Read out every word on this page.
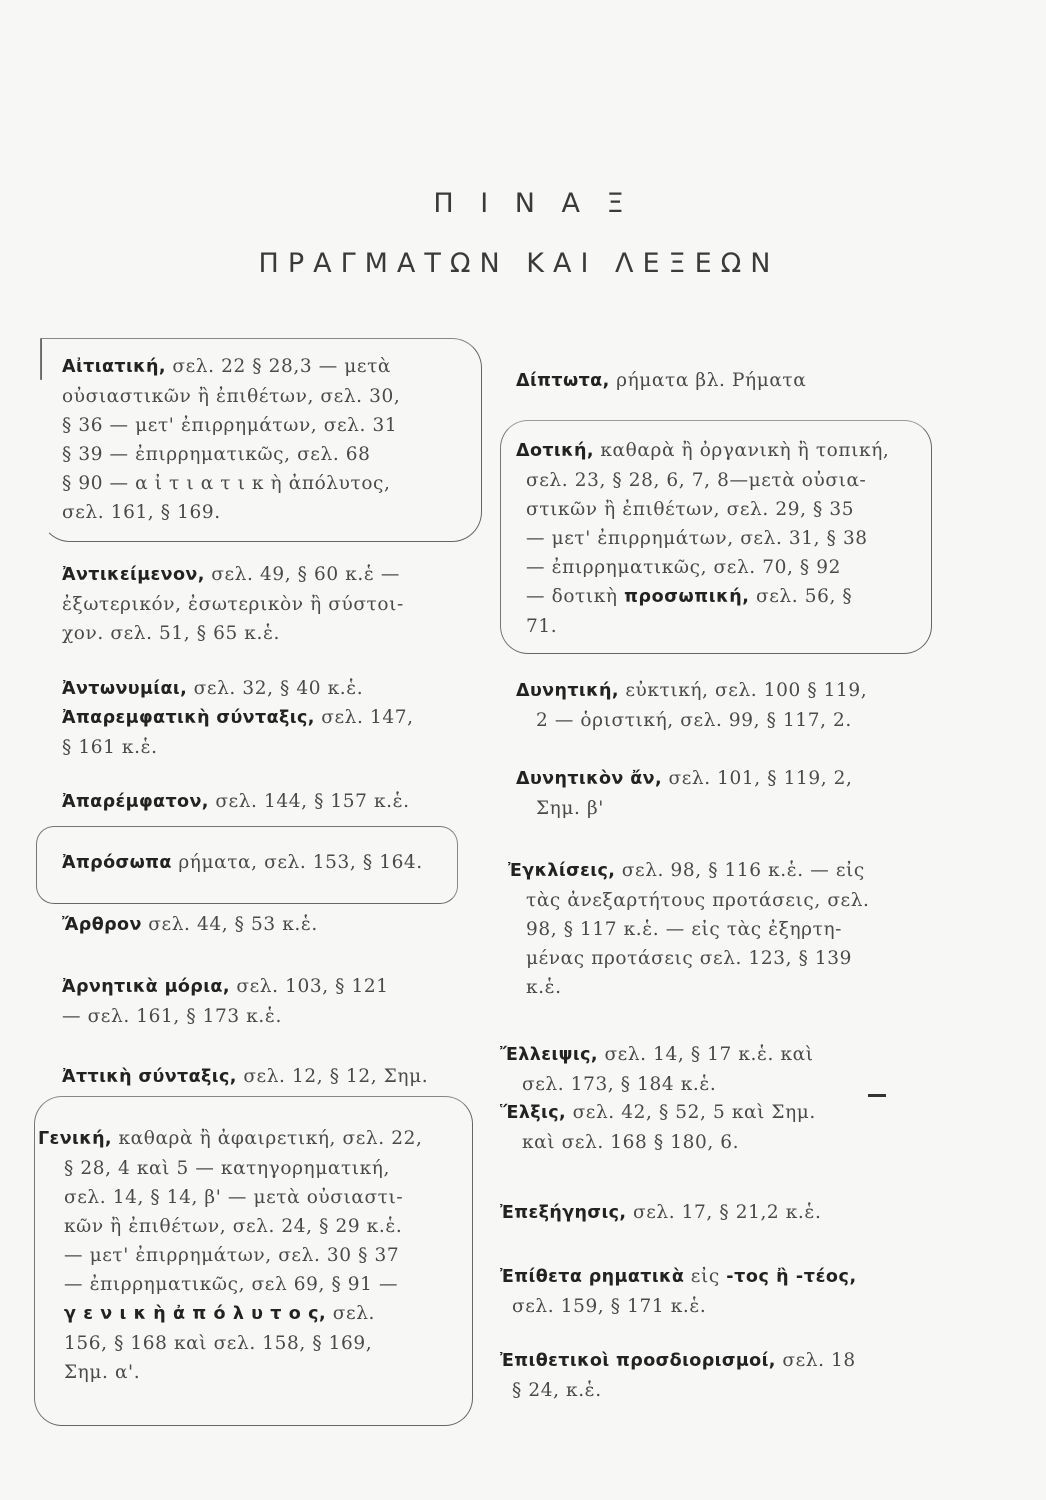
Π Ι Ν Α Ξ
ΠΡΑΓΜΑΤΩΝ ΚΑΙ ΛΕΞΕΩΝ
Αἰτιατική, σελ. 22 § 28,3 — μετὰ
οὐσιαστικῶν ἢ ἐπιθέτων, σελ. 30,
§ 36 — μετ' ἐπιρρημάτων, σελ. 31
§ 39 — ἐπιρρηματικῶς, σελ. 68
§ 90 — α ἰ τ ι α τ ι κ ὴ ἀπόλυτος,
σελ. 161, § 169.
Ἀντικείμενον, σελ. 49, § 60 κ.ἑ —
ἐξωτερικόν, ἐσωτερικὸν ἢ σύστοι-
χον. σελ. 51, § 65 κ.ἑ.
Ἀντωνυμίαι, σελ. 32, § 40 κ.ἑ.
Ἀπαρεμφατικὴ σύνταξις, σελ. 147,
§ 161 κ.ἑ.
Ἀπαρέμφατον, σελ. 144, § 157 κ.ἑ.
Ἀπρόσωπα ρήματα, σελ. 153, § 164.
Ἄρθρον σελ. 44, § 53 κ.ἑ.
Ἀρνητικὰ μόρια, σελ. 103, § 121
— σελ. 161, § 173 κ.ἑ.
Ἀττικὴ σύνταξις, σελ. 12, § 12, Σημ.
Γενική, καθαρὰ ἢ ἀφαιρετική, σελ. 22,
§ 28, 4 καὶ 5 — κατηγορηματική,
σελ. 14, § 14, β' — μετὰ οὐσιαστι-
κῶν ἢ ἐπιθέτων, σελ. 24, § 29 κ.ἑ.
— μετ' ἐπιρρημάτων, σελ. 30 § 37
— ἐπιρρηματικῶς, σελ 69, § 91 —
γ ε ν ι κ ὴ ἀ π ό λ υ τ ο ς, σελ.
156, § 168 καὶ σελ. 158, § 169,
Σημ. α'.
Δίπτωτα, ρήματα βλ. Ρήματα
Δοτική, καθαρὰ ἢ ὀργανικὴ ἢ τοπική,
σελ. 23, § 28, 6, 7, 8—μετὰ οὐσια-
στικῶν ἢ ἐπιθέτων, σελ. 29, § 35
— μετ' ἐπιρρημάτων, σελ. 31, § 38
— ἐπιρρηματικῶς, σελ. 70, § 92
— δοτικὴ προσωπική, σελ. 56, §
71.
Δυνητική, εὐκτική, σελ. 100 § 119,
2 — ὁριστική, σελ. 99, § 117, 2.
Δυνητικὸν ἄν, σελ. 101, § 119, 2,
Σημ. β'
Ἐγκλίσεις, σελ. 98, § 116 κ.ἑ. — εἰς
τὰς ἀνεξαρτήτους προτάσεις, σελ.
98, § 117 κ.ἑ. — εἰς τὰς ἐξηρτη-
μένας προτάσεις σελ. 123, § 139
κ.ἑ.
Ἔλλειψις, σελ. 14, § 17 κ.ἑ. καὶ
σελ. 173, § 184 κ.ἑ.
Ἕλξις, σελ. 42, § 52, 5 καὶ Σημ.
καὶ σελ. 168 § 180, 6.
Ἐπεξήγησις, σελ. 17, § 21,2 κ.ἑ.
Ἐπίθετα ρηματικὰ εἰς -τος ἢ -τέος,
σελ. 159, § 171 κ.ἑ.
Ἐπιθετικοὶ προσδιορισμοί, σελ. 18
§ 24, κ.ἑ.
